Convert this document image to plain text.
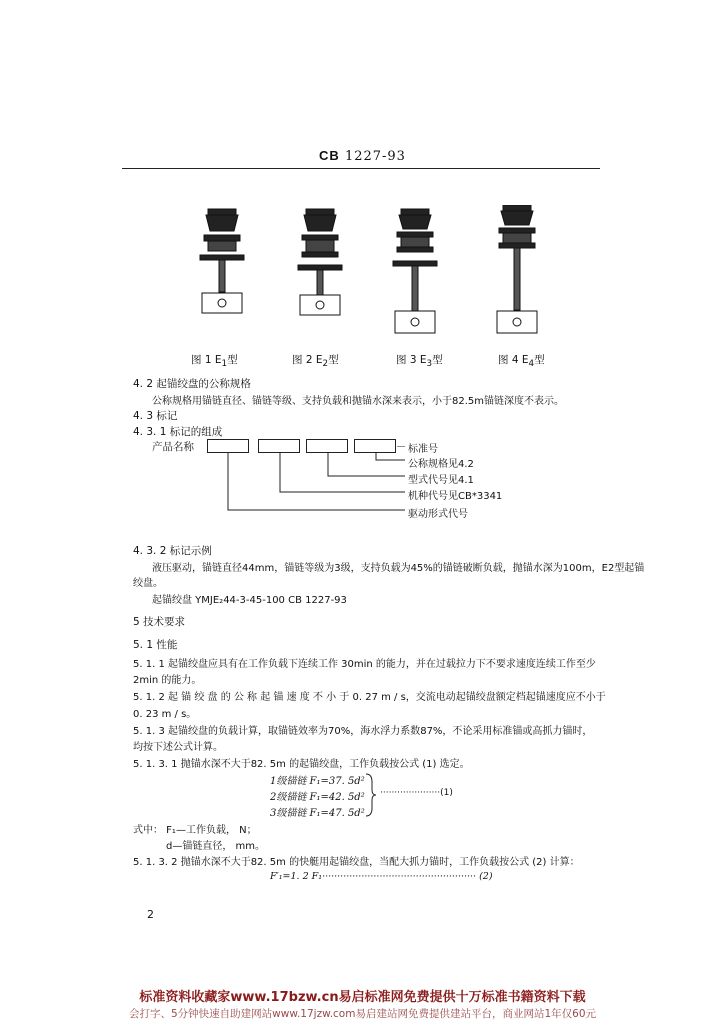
CB 1227-93
图 1 $E_1$型	图 2 $E_2$型	图 3 $E_3$型	图 4 $E_4$型
4. 2 起锚绞盘的公称规格
公称规格用锚链直径、锚链等级、支持负载和抛锚水深来表示，小于82.5m锚链深度不表示。
4. 3 标记
4. 3. 1 标记的组成
产品名称	标准号
公称规格见4.2
型式代号见4.1
机种代号见CB*3341
驱动形式代号
4. 3. 2 标记示例
液压驱动，锚链直径44mm，锚链等级为3级，支持负载为45%的锚链破断负载，抛锚水深为100m，E2型起锚
绞盘。
起锚绞盘 YMJE₂44-3-45-100 CB 1227-93
5 技术要求
5. 1 性能
5. 1. 1 起锚绞盘应具有在工作负载下连续工作 30min 的能力，并在过载拉力下不要求速度连续工作至少
2min 的能力。
5. 1. 2 起 锚 绞 盘 的 公 称 起 锚 速 度 不 小 于 0. 27 m / s，交流电动起锚绞盘额定档起锚速度应不小于
0. 23 m / s。
5. 1. 3 起锚绞盘的负载计算，取锚链效率为70%，海水浮力系数87%，不论采用标准锚或高抓力锚时，
均按下述公式计算。
5. 1. 3. 1 抛锚水深不大于82. 5m 的起锚绞盘，工作负载按公式 (1) 选定。
1级锚链 F₁=37. 5d²
2级锚链 F₁=42. 5d²
3级锚链 F₁=47. 5d²
·····················(1)
式中： F₁—工作负载， N；
d—锚链直径， mm。
5. 1. 3. 2 抛锚水深不大于82. 5m 的快艇用起锚绞盘，当配大抓力锚时，工作负载按公式 (2) 计算：
F′₁=1. 2 F₁··················································· (2)
2
标准资料收藏家www.17bzw.cn易启标准网免费提供十万标准书籍资料下载
会打字、5分钟快速自助建网站www.17jzw.com易启建站网免费提供建站平台，商业网站1年仅60元
